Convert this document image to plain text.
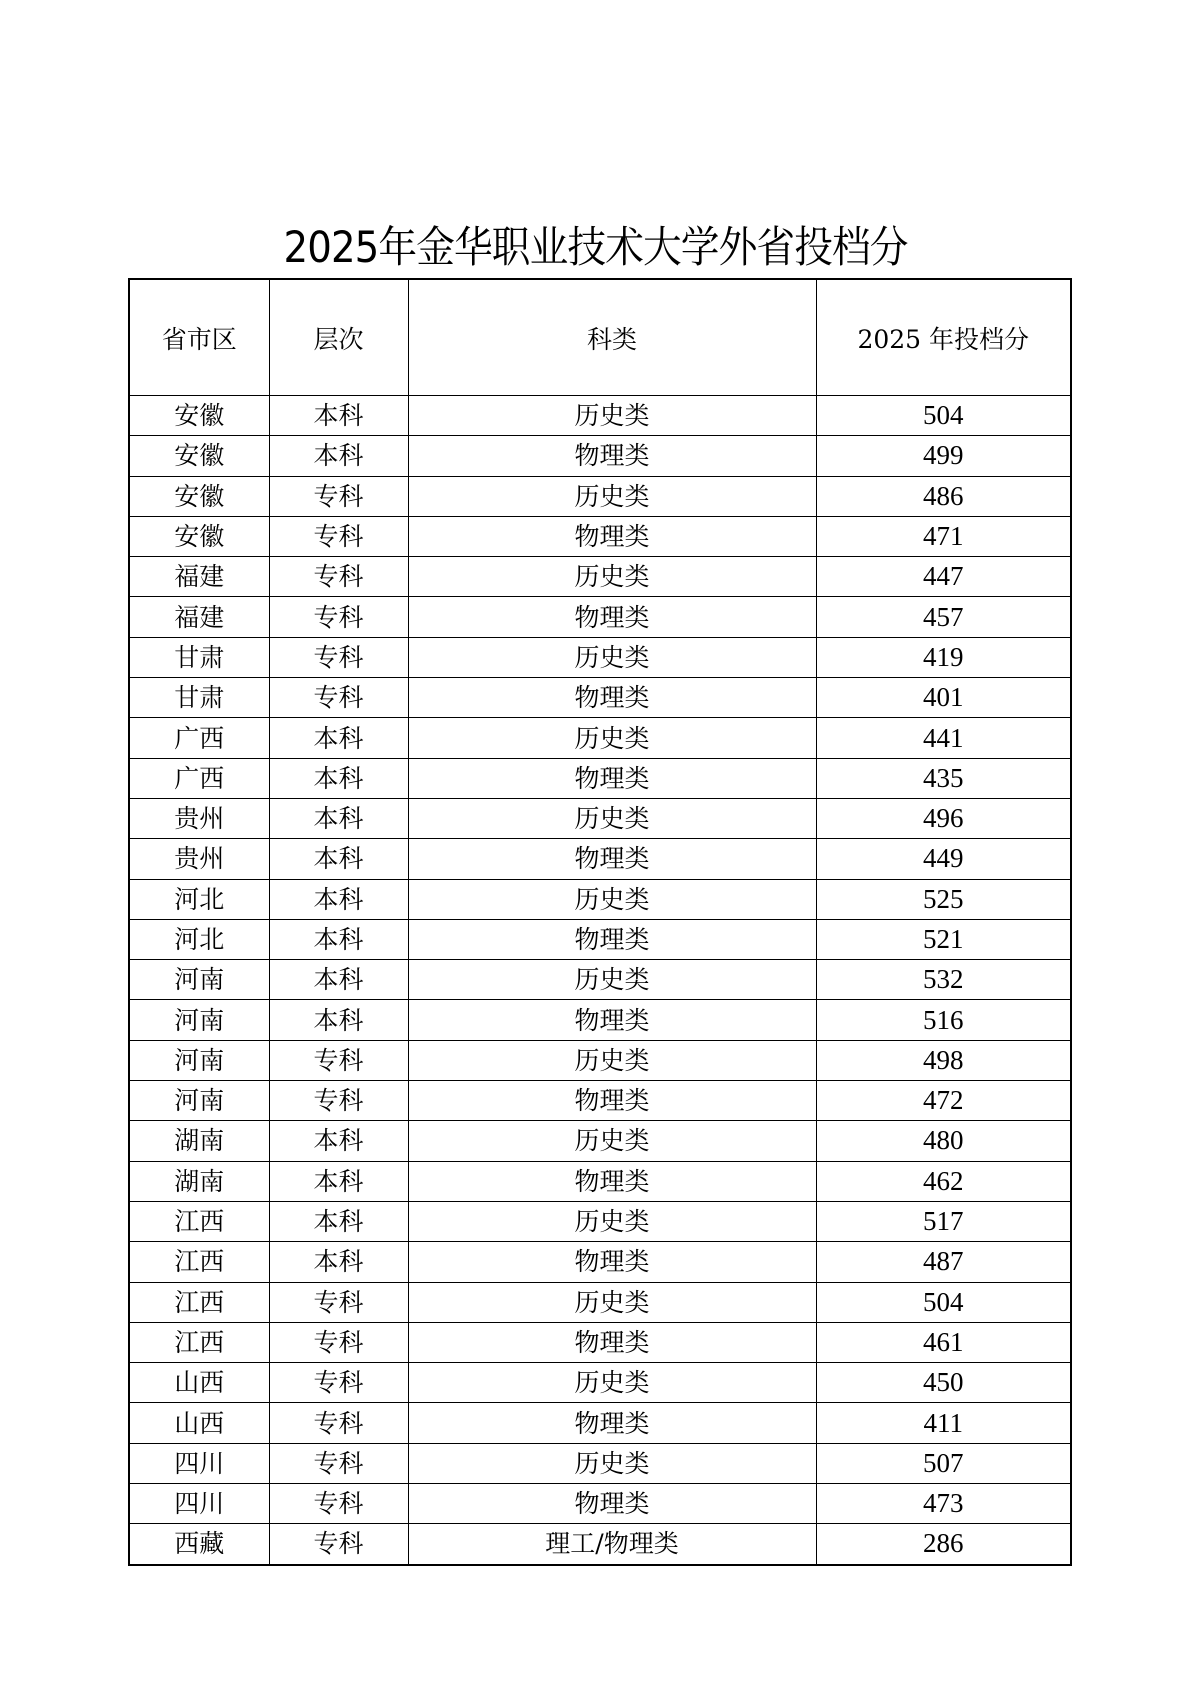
2025年金华职业技术大学外省投档分
省市区	层次	科类	2025 年投档分
安徽	本科	历史类	504
安徽	本科	物理类	499
安徽	专科	历史类	486
安徽	专科	物理类	471
福建	专科	历史类	447
福建	专科	物理类	457
甘肃	专科	历史类	419
甘肃	专科	物理类	401
广西	本科	历史类	441
广西	本科	物理类	435
贵州	本科	历史类	496
贵州	本科	物理类	449
河北	本科	历史类	525
河北	本科	物理类	521
河南	本科	历史类	532
河南	本科	物理类	516
河南	专科	历史类	498
河南	专科	物理类	472
湖南	本科	历史类	480
湖南	本科	物理类	462
江西	本科	历史类	517
江西	本科	物理类	487
江西	专科	历史类	504
江西	专科	物理类	461
山西	专科	历史类	450
山西	专科	物理类	411
四川	专科	历史类	507
四川	专科	物理类	473
西藏	专科	理工/物理类	286
